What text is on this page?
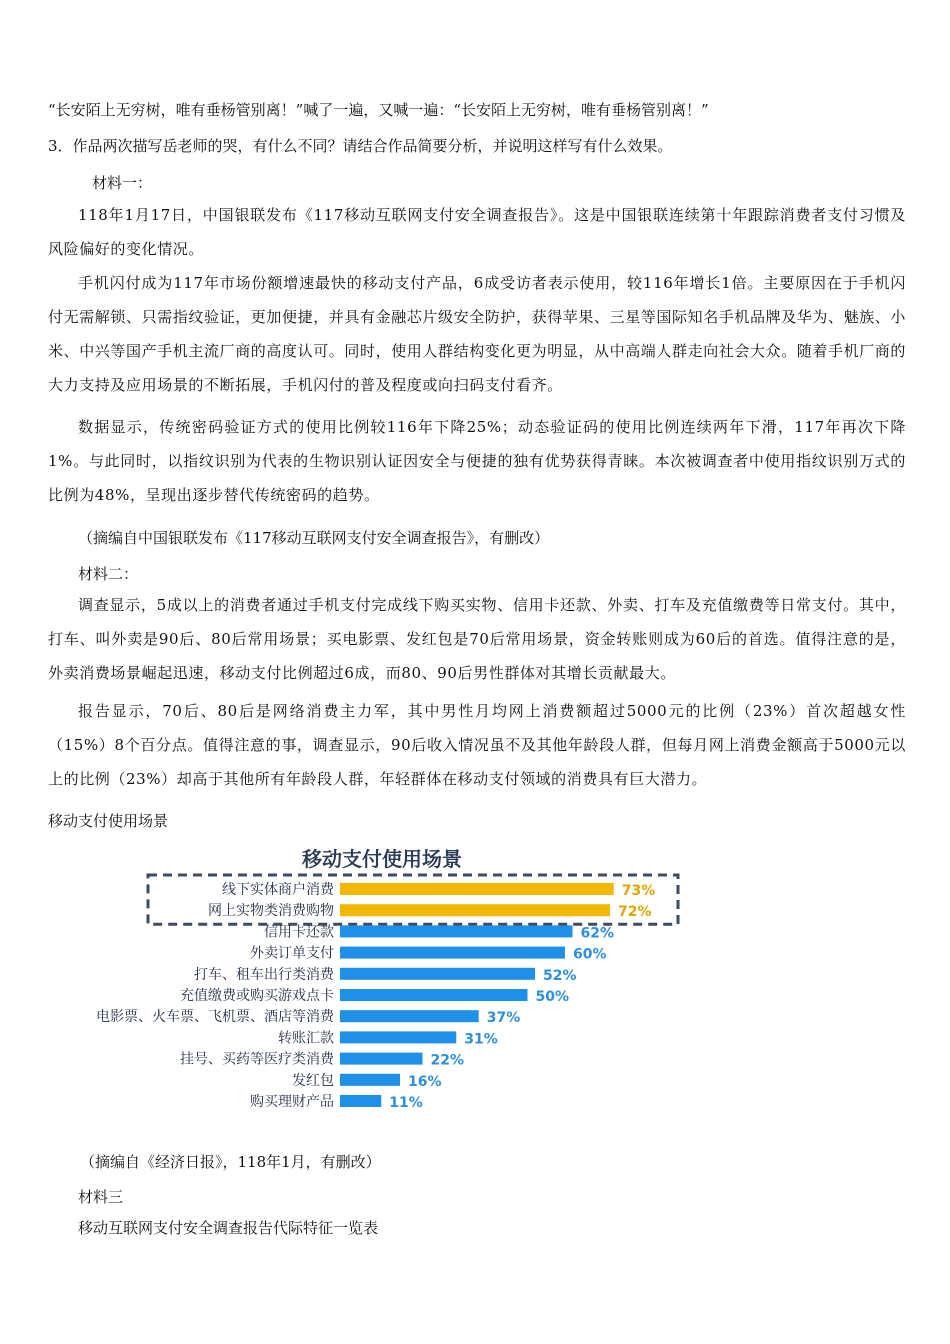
“长安陌上无穷树，唯有垂杨管别离！”喊了一遍，又喊一遍：“长安陌上无穷树，唯有垂杨管别离！”
3．作品两次描写岳老师的哭，有什么不同？请结合作品简要分析，并说明这样写有什么效果。
材料一：
118年1月17日，中国银联发布《117移动互联网支付安全调查报告》。这是中国银联连续第十年跟踪消费者支付习惯及风险偏好的变化情况。
手机闪付成为117年市场份额增速最快的移动支付产品，6成受访者表示使用，较116年增长1倍。主要原因在于手机闪付无需解锁、只需指纹验证，更加便捷，并具有金融芯片级安全防护，获得苹果、三星等国际知名手机品牌及华为、魅族、小米、中兴等国产手机主流厂商的高度认可。同时，使用人群结构变化更为明显，从中高端人群走向社会大众。随着手机厂商的大力支持及应用场景的不断拓展，手机闪付的普及程度或向扫码支付看齐。
数据显示，传统密码验证方式的使用比例较116年下降25%；动态验证码的使用比例连续两年下滑，117年再次下降1%。与此同时，以指纹识别为代表的生物识别认证因安全与便捷的独有优势获得青睐。本次被调查者中使用指纹识别万式的比例为48%，呈现出逐步替代传统密码的趋势。
（摘编自中国银联发布《117移动互联网支付安全调查报告》，有删改）
材料二：
调查显示，5成以上的消费者通过手机支付完成线下购买实物、信用卡还款、外卖、打车及充值缴费等日常支付。其中，打车、叫外卖是90后、80后常用场景；买电影票、发红包是70后常用场景，资金转账则成为60后的首选。值得注意的是，外卖消费场景崛起迅速，移动支付比例超过6成，而80、90后男性群体对其增长贡献最大。
报告显示，70后、80后是网络消费主力军，其中男性月均网上消费额超过5000元的比例（23%）首次超越女性（15%）8个百分点。值得注意的事，调查显示，90后收入情况虽不及其他年龄段人群，但每月网上消费金额高于5000元以上的比例（23%）却高于其他所有年龄段人群，年轻群体在移动支付领域的消费具有巨大潜力。
移动支付使用场景
移动支付使用场景
线下实体商户消费	73%
网上实物类消费购物	72%
信用卡还款	62%
外卖订单支付	60%
打车、租车出行类消费	52%
充值缴费或购买游戏点卡	50%
电影票、火车票、飞机票、酒店等消费	37%
转账汇款	31%
挂号、买药等医疗类消费	22%
发红包	16%
购买理财产品	11%
（摘编自《经济日报》，118年1月，有删改）
材料三
移动互联网支付安全调查报告代际特征一览表
